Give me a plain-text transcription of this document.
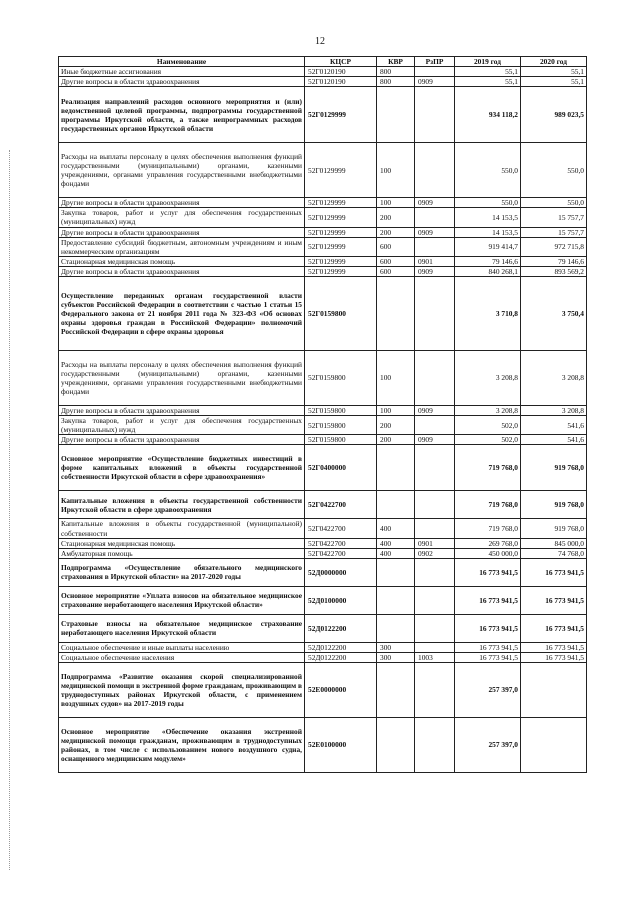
12
Наименование	КЦСР	КВР	РзПР	2019 год	2020 год
Иные бюджетные ассигнования	52Г0120190	800		55,1	55,1
Другие вопросы в области здравоохранения	52Г0120190	800	0909	55,1	55,1
Реализация направлений расходов основного мероприятия и (или) ведомственной целевой программы, подпрограммы государственной программы Иркутской области, а также непрограммных расходов государственных органов Иркутской области	52Г0129999			934 118,2	989 023,5
Расходы на выплаты персоналу в целях обеспечения выполнения функций государственными (муниципальными) органами, казенными учреждениями, органами управления государственными внебюджетными фондами	52Г0129999	100		550,0	550,0
Другие вопросы в области здравоохранения	52Г0129999	100	0909	550,0	550,0
Закупка товаров, работ и услуг для обеспечения государственных (муниципальных) нужд	52Г0129999	200		14 153,5	15 757,7
Другие вопросы в области здравоохранения	52Г0129999	200	0909	14 153,5	15 757,7
Предоставление субсидий бюджетным, автономным учреждениям и иным некоммерческим организациям	52Г0129999	600		919 414,7	972 715,8
Стационарная медицинская помощь	52Г0129999	600	0901	79 146,6	79 146,6
Другие вопросы в области здравоохранения	52Г0129999	600	0909	840 268,1	893 569,2
Осуществление переданных органам государственной власти субъектов Российской Федерации в соответствии с частью 1 статьи 15 Федерального закона от 21 ноября 2011 года № 323-ФЗ «Об основах охраны здоровья граждан в Российской Федерации» полномочий Российской Федерации в сфере охраны здоровья	52Г0159800			3 710,8	3 750,4
Расходы на выплаты персоналу в целях обеспечения выполнения функций государственными (муниципальными) органами, казенными учреждениями, органами управления государственными внебюджетными фондами	52Г0159800	100		3 208,8	3 208,8
Другие вопросы в области здравоохранения	52Г0159800	100	0909	3 208,8	3 208,8
Закупка товаров, работ и услуг для обеспечения государственных (муниципальных) нужд	52Г0159800	200		502,0	541,6
Другие вопросы в области здравоохранения	52Г0159800	200	0909	502,0	541,6
Основное мероприятие «Осуществление бюджетных инвестиций в форме капитальных вложений в объекты государственной собственности Иркутской области в сфере здравоохранения»	52Г0400000			719 768,0	919 768,0
Капитальные вложения в объекты государственной собственности Иркутской области в сфере здравоохранения	52Г0422700			719 768,0	919 768,0
Капитальные вложения в объекты государственной (муниципальной) собственности	52Г0422700	400		719 768,0	919 768,0
Стационарная медицинская помощь	52Г0422700	400	0901	269 768,0	845 000,0
Амбулаторная помощь	52Г0422700	400	0902	450 000,0	74 768,0
Подпрограмма «Осуществление обязательного медицинского страхования в Иркутской области» на 2017-2020 годы	52Д0000000			16 773 941,5	16 773 941,5
Основное мероприятие «Уплата взносов на обязательное медицинское страхование неработающего населения Иркутской области»	52Д0100000			16 773 941,5	16 773 941,5
Страховые взносы на обязательное медицинское страхование неработающего населения Иркутской области	52Д0122200			16 773 941,5	16 773 941,5
Социальное обеспечение и иные выплаты населению	52Д0122200	300		16 773 941,5	16 773 941,5
Социальное обеспечение населения	52Д0122200	300	1003	16 773 941,5	16 773 941,5
Подпрограмма «Развитие оказания скорой специализированной медицинской помощи в экстренной форме гражданам, проживающим в труднодоступных районах Иркутской области, с применением воздушных судов» на 2017-2019 годы	52Е0000000			257 397,0	
Основное мероприятие «Обеспечение оказания экстренной медицинской помощи гражданам, проживающим в труднодоступных районах, в том числе с использованием нового воздушного судна, оснащенного медицинским модулем»	52Е0100000			257 397,0	
